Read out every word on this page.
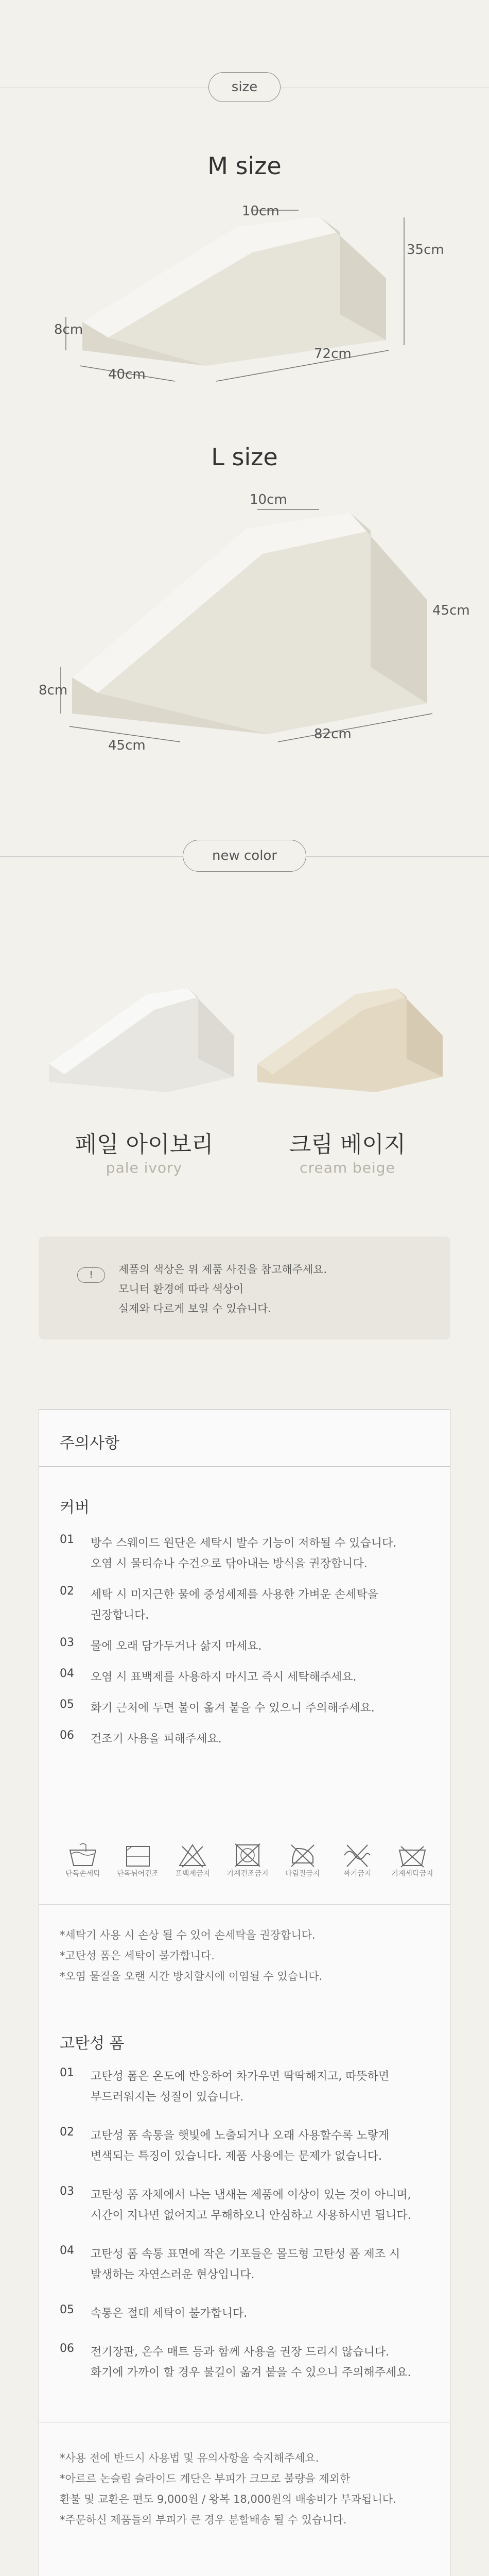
size
M size
10cm
35cm
8cm
40cm
72cm
L size
10cm
45cm
8cm
45cm
82cm
new color
페일 아이보리
pale ivory
크림 베이지
cream beige
!	제품의 색상은 위 제품 사진을 참고해주세요.
모니터 환경에 따라 색상이
실제와 다르게 보일 수 있습니다.
주의사항
커버
01	방수 스웨이드 원단은 세탁시 발수 기능이 저하될 수 있습니다.
오염 시 물티슈나 수건으로 닦아내는 방식을 권장합니다.
02	세탁 시 미지근한 물에 중성세제를 사용한 가벼운 손세탁을
권장합니다.
03	물에 오래 담가두거나 삶지 마세요.
04	오염 시 표백제를 사용하지 마시고 즉시 세탁해주세요.
05	화기 근처에 두면 불이 옮겨 붙을 수 있으니 주의해주세요.
06	건조기 사용을 피해주세요.
단독손세탁	단독뉘어건조	표백제금지	기계건조금지	다림질금지	짜기금지	기계세탁금지
*세탁기 사용 시 손상 될 수 있어 손세탁을 권장합니다.
*고탄성 폼은 세탁이 불가합니다.
*오염 물질을 오랜 시간 방치할시에 이염될 수 있습니다.
고탄성 폼
01	고탄성 폼은 온도에 반응하여 차가우면 딱딱해지고, 따뜻하면
부드러워지는 성질이 있습니다.
02	고탄성 폼 속통을 햇빛에 노출되거나 오래 사용할수록 노랗게
변색되는 특징이 있습니다. 제품 사용에는 문제가 없습니다.
03	고탄성 폼 자체에서 나는 냄새는 제품에 이상이 있는 것이 아니며,
시간이 지나면 없어지고 무해하오니 안심하고 사용하시면 됩니다.
04	고탄성 폼 속통 표면에 작은 기포들은 몰드형 고탄성 폼 제조 시
발생하는 자연스러운 현상입니다.
05	속통은 절대 세탁이 불가합니다.
06	전기장판, 온수 매트 등과 함께 사용을 권장 드리지 않습니다.
화기에 가까이 할 경우 불길이 옮겨 붙을 수 있으니 주의해주세요.
*사용 전에 반드시 사용법 및 유의사항을 숙지해주세요.
*아르르 논슬립 슬라이드 계단은 부피가 크므로 불량을 제외한
환불 및 교환은 편도 9,000원 / 왕복 18,000원의 배송비가 부과됩니다.
*주문하신 제품들의 부피가 큰 경우 분할배송 될 수 있습니다.
